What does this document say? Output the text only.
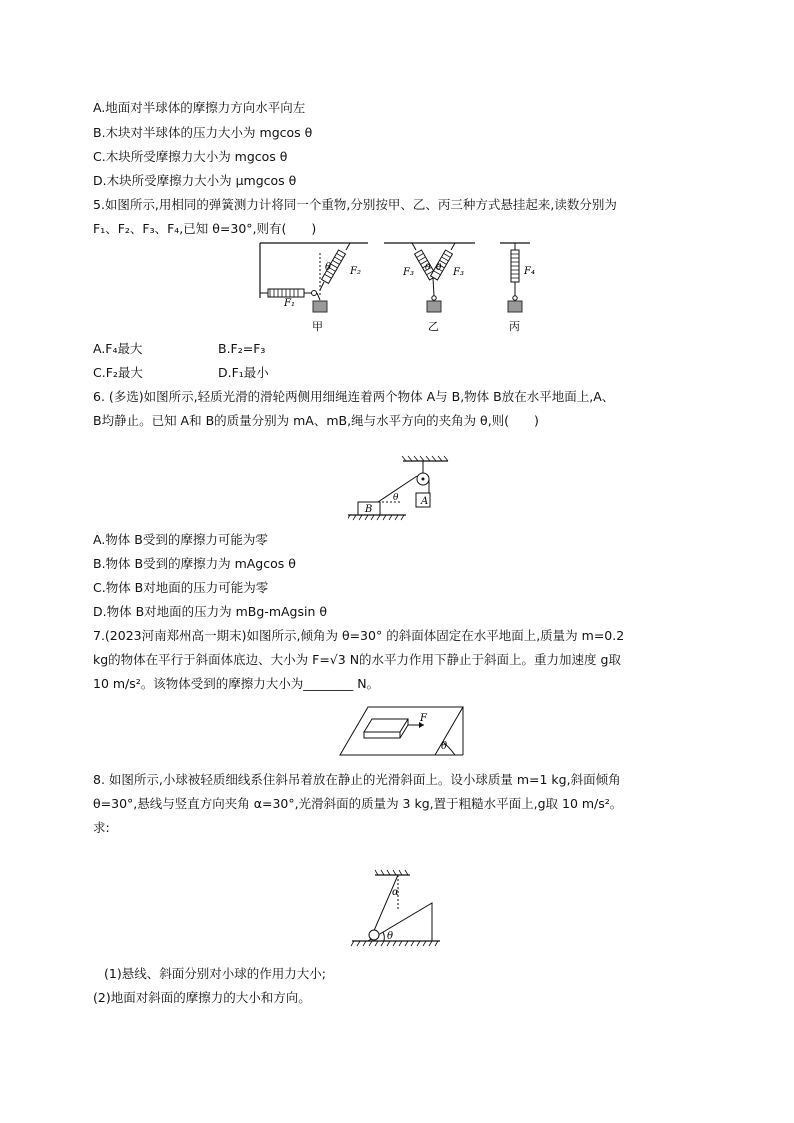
A.地面对半球体的摩擦力方向水平向左
B.木块对半球体的压力大小为 mgcos θ
C.木块所受摩擦力大小为 mgcos θ
D.木块所受摩擦力大小为 μmgcos θ
5.如图所示,用相同的弹簧测力计将同一个重物,分别按甲、乙、丙三种方式悬挂起来,读数分别为
F₁、F₂、F₃、F₄,已知 θ=30°,则有(　　)
θ
F₁
F₂
甲
F₃	F₃
θ θ
乙
F₄
丙
A.F₄最大	B.F₂=F₃
C.F₂最大	D.F₁最小
6. (多选)如图所示,轻质光滑的滑轮两侧用细绳连着两个物体 A与 B,物体 B放在水平地面上,A、
B均静止。已知 A和 B的质量分别为 mA、mB,绳与水平方向的夹角为 θ,则(　　)
A
B
θ
A.物体 B受到的摩擦力可能为零
B.物体 B受到的摩擦力为 mAgcos θ
C.物体 B对地面的压力可能为零
D.物体 B对地面的压力为 mBg-mAgsin θ
7.(2023河南郑州高一期末)如图所示,倾角为 θ=30° 的斜面体固定在水平地面上,质量为 m=0.2
kg的物体在平行于斜面体底边、大小为 F=√3 N的水平力作用下静止于斜面上。重力加速度 g取
10 m/s²。该物体受到的摩擦力大小为________ N。
F
θ
8. 如图所示,小球被轻质细线系住斜吊着放在静止的光滑斜面上。设小球质量 m=1 kg,斜面倾角
θ=30°,悬线与竖直方向夹角 α=30°,光滑斜面的质量为 3 kg,置于粗糙水平面上,g取 10 m/s²。
求:
α
θ
(1)悬线、斜面分别对小球的作用力大小;
(2)地面对斜面的摩擦力的大小和方向。
